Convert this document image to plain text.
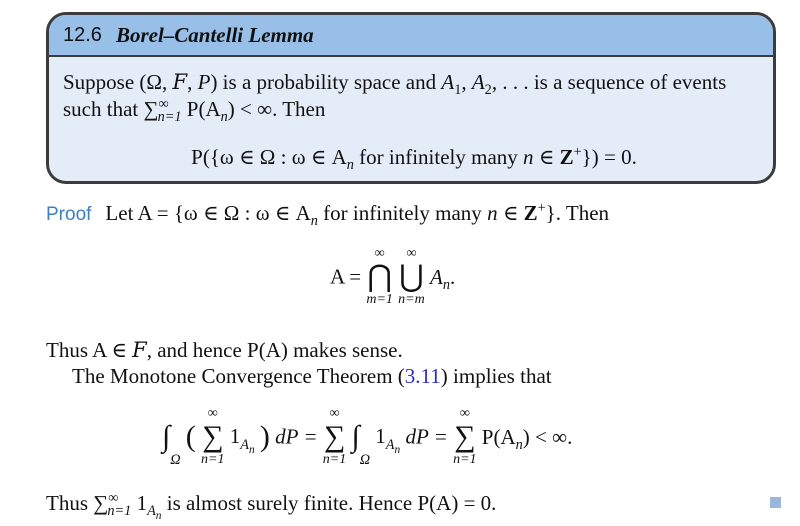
12.6 Borel–Cantelli Lemma
Suppose (Ω, F, P) is a probability space and $A_1$, $A_2$, . . . is a sequence of events
such that $\sum^\infty_{n=1}$ $P(A_n)$ < ∞. Then
P({ω ∈ Ω : ω ∈ $A_n$ for infinitely many n ∈ Z+}) = 0.
Proof Let A = {ω ∈ Ω : ω ∈ $A_n$ for infinitely many n ∈ Z+}. Then
A =
∞
⋂
m=1

∞
⋃
n=m
$A_n$.
Thus A ∈ F, and hence P(A) makes sense.
The Monotone Convergence Theorem (3.11) implies that
$\int_\Omega$ (
∞
∑
n=1
$1_{A_n}$ ) dP =
∞
∑
n=1
$\int_\Omega$ $1_{A_n}$ dP =
∞
∑
n=1
$P(A_n)$ < ∞.
Thus $\sum^\infty_{n=1}$ $1_{A_n}$ is almost surely finite. Hence P(A) = 0.
